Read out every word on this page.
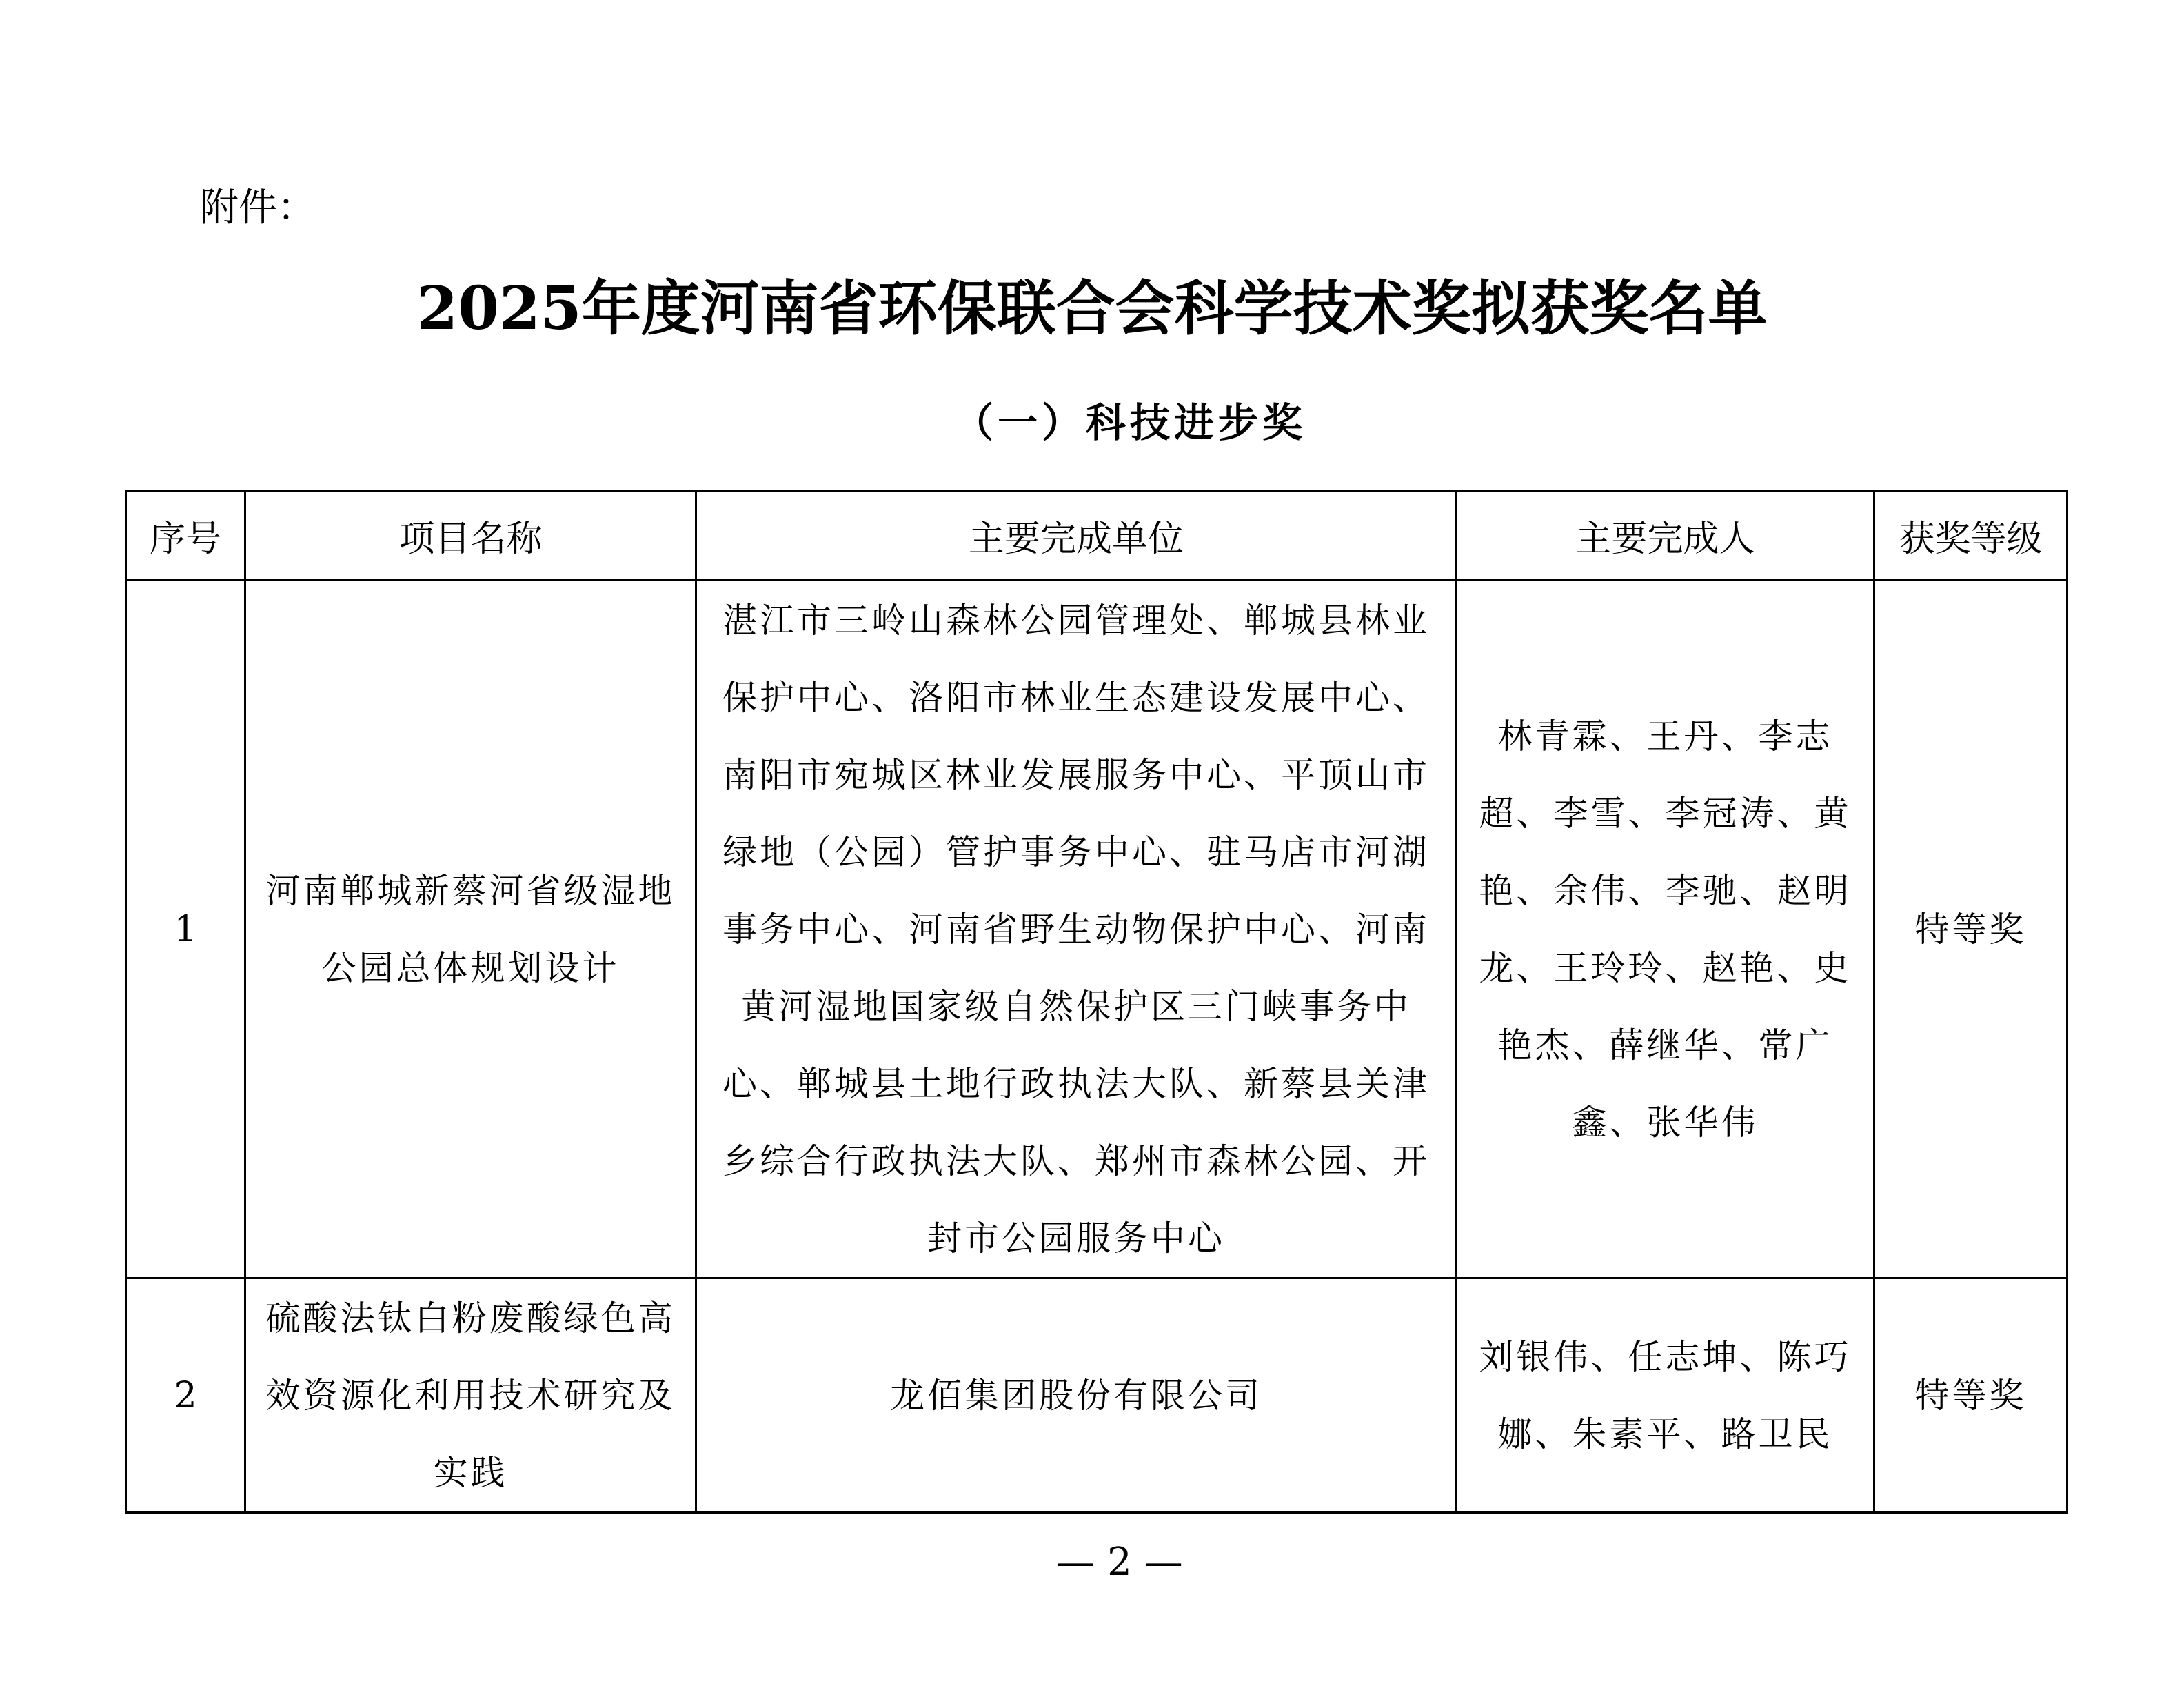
附件：
2025年度河南省环保联合会科学技术奖拟获奖名单
（一）科技进步奖
序号	项目名称	主要完成单位	主要完成人	获奖等级
1	河南郸城新蔡河省级湿地公园总体规划设计	湛江市三岭山森林公园管理处、郸城县林业保护中心、洛阳市林业生态建设发展中心、南阳市宛城区林业发展服务中心、平顶山市绿地（公园）管护事务中心、驻马店市河湖事务中心、河南省野生动物保护中心、河南黄河湿地国家级自然保护区三门峡事务中心、郸城县土地行政执法大队、新蔡县关津乡综合行政执法大队、郑州市森林公园、开封市公园服务中心	林青霖、王丹、李志超、李雪、李冠涛、黄艳、余伟、李驰、赵明龙、王玲玲、赵艳、史艳杰、薛继华、常广鑫、张华伟	特等奖
2	硫酸法钛白粉废酸绿色高效资源化利用技术研究及实践	龙佰集团股份有限公司	刘银伟、任志坤、陈巧娜、朱素平、路卫民	特等奖
— 2 —
